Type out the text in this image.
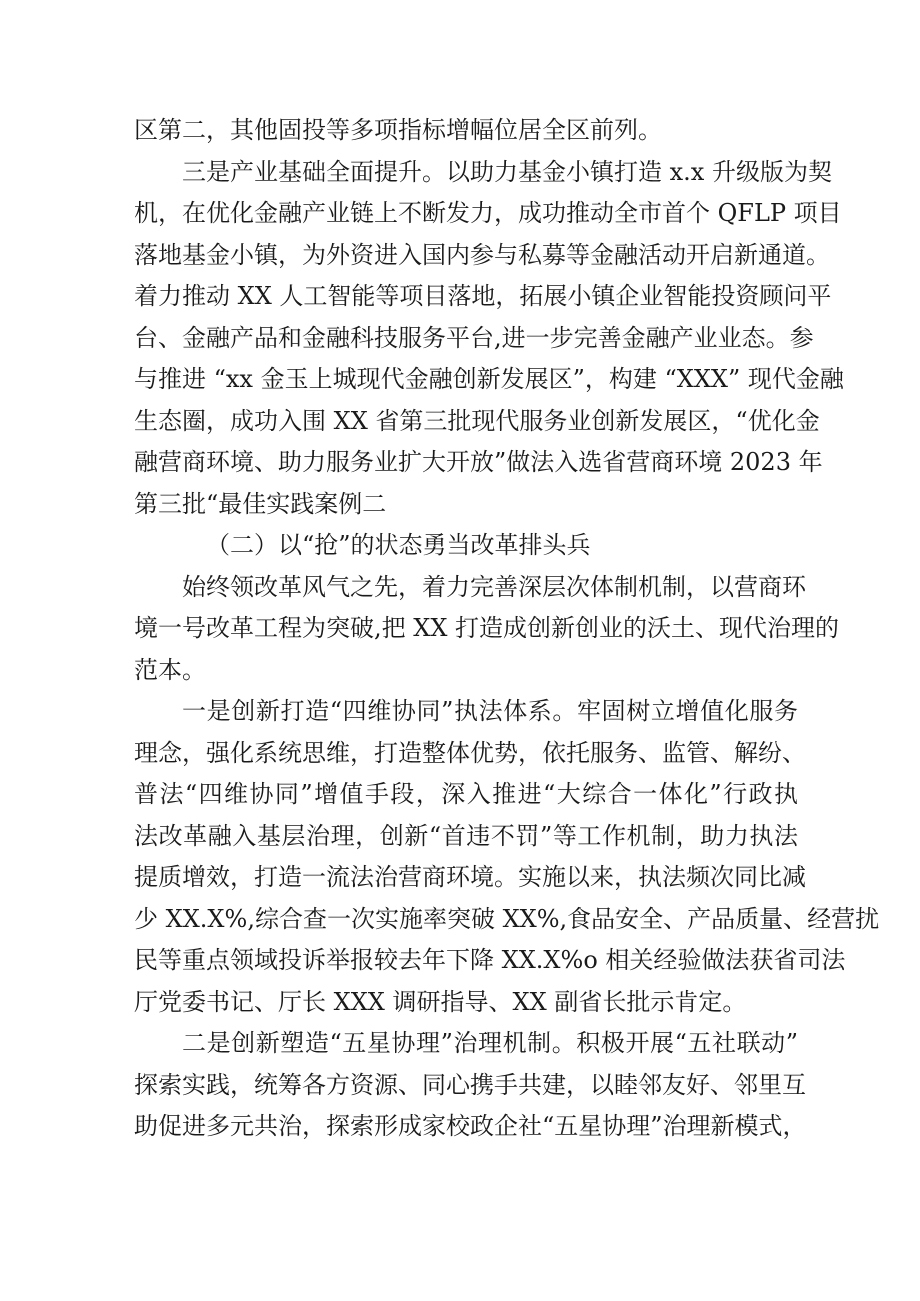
区第二，其他固投等多项指标增幅位居全区前列。
三是产业基础全面提升。以助力基金小镇打造 x.x 升级版为契
机，在优化金融产业链上不断发力，成功推动全市首个 QFLP 项目
落地基金小镇，为外资进入国内参与私募等金融活动开启新通道。
着力推动 XX 人工智能等项目落地，拓展小镇企业智能投资顾问平
台、金融产品和金融科技服务平台,进一步完善金融产业业态。参
与推进 “xx 金玉上城现代金融创新发展区”，构建 “XXX” 现代金融
生态圈，成功入围 XX 省第三批现代服务业创新发展区，“优化金
融营商环境、助力服务业扩大开放”做法入选省营商环境 2023 年
第三批“最佳实践案例二
（二）以“抢”的状态勇当改革排头兵
始终领改革风气之先，着力完善深层次体制机制，以营商环
境一号改革工程为突破,把 XX 打造成创新创业的沃土、现代治理的
范本。
一是创新打造“四维协同”执法体系。牢固树立增值化服务
理念，强化系统思维，打造整体优势，依托服务、监管、解纷、
普法“四维协同”增值手段，深入推进“大综合一体化”行政执
法改革融入基层治理，创新“首违不罚”等工作机制，助力执法
提质增效，打造一流法治营商环境。实施以来，执法频次同比减
少 XX.X%,综合查一次实施率突破 XX%,食品安全、产品质量、经营扰
民等重点领域投诉举报较去年下降 XX.X%o 相关经验做法获省司法
厅党委书记、厅长 XXX 调研指导、XX 副省长批示肯定。
二是创新塑造“五星协理”治理机制。积极开展“五社联动”
探索实践，统筹各方资源、同心携手共建，以睦邻友好、邻里互
助促进多元共治，探索形成家校政企社“五星协理”治理新模式，
